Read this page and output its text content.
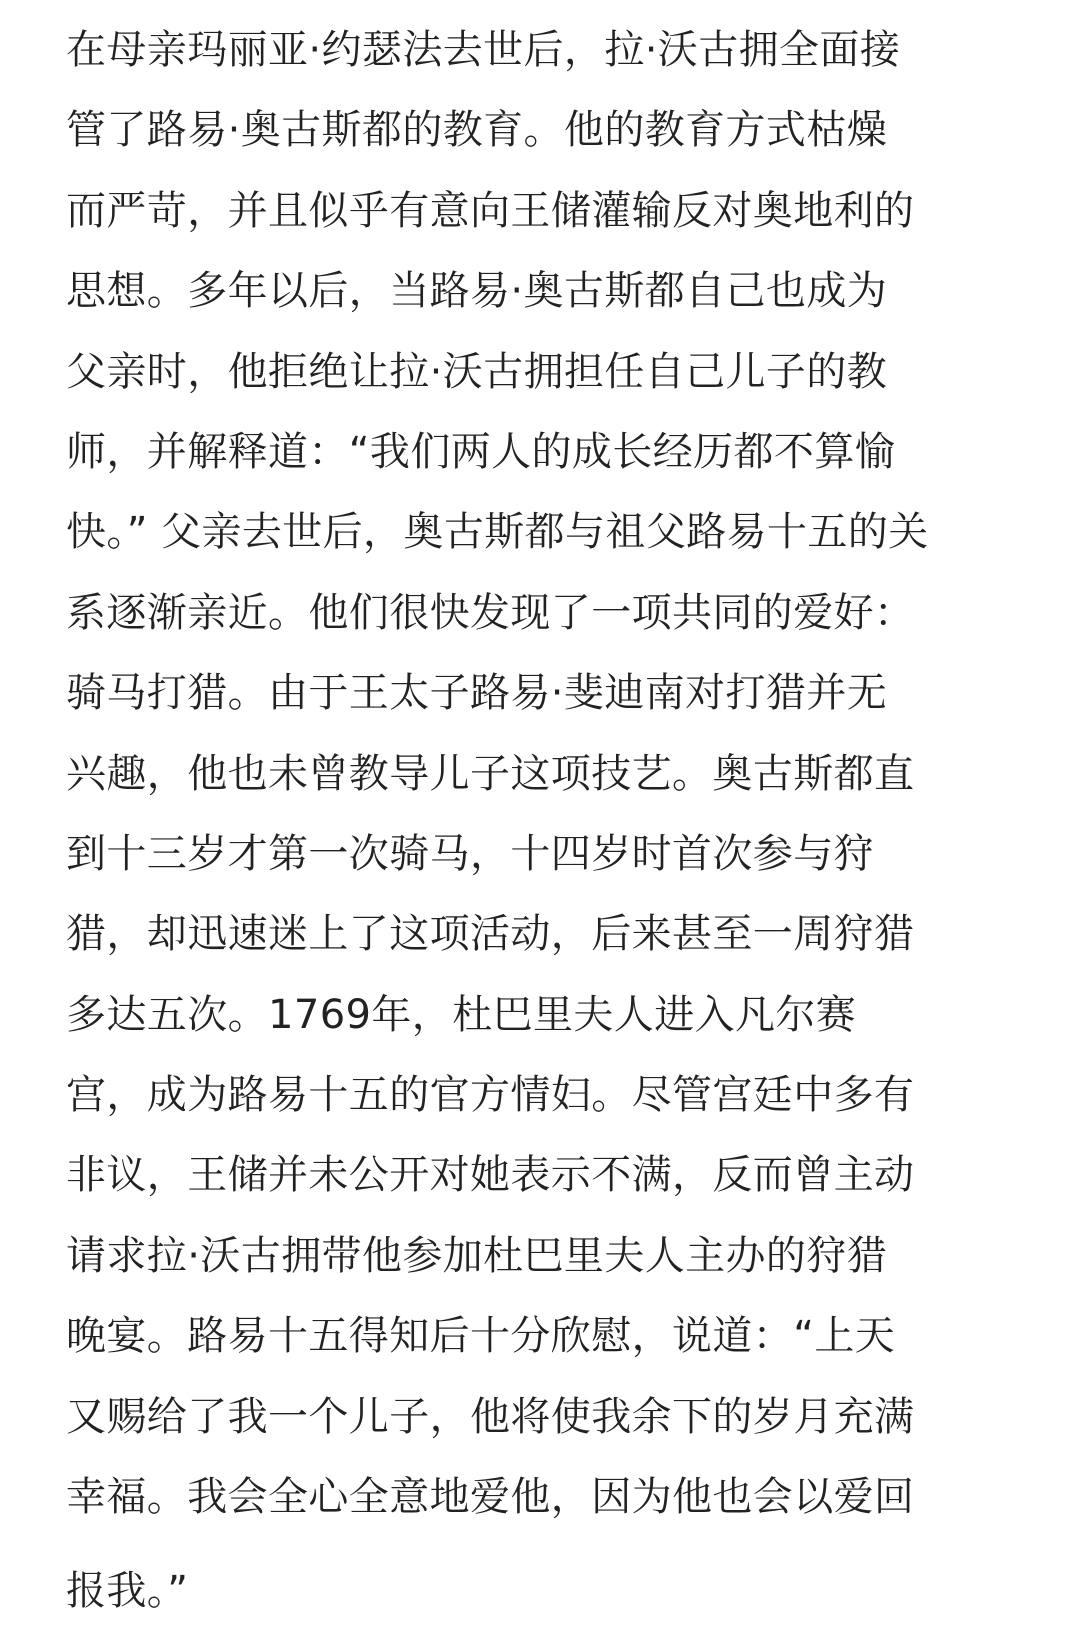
在母亲玛丽亚·约瑟法去世后，拉·沃古拥全面接
管了路易·奥古斯都的教育。他的教育方式枯燥
而严苛，并且似乎有意向王储灌输反对奥地利的
思想。多年以后，当路易·奥古斯都自己也成为
父亲时，他拒绝让拉·沃古拥担任自己儿子的教
师，并解释道：“我们两人的成长经历都不算愉
快。” 父亲去世后，奥古斯都与祖父路易十五的关
系逐渐亲近。他们很快发现了一项共同的爱好：
骑马打猎。由于王太子路易·斐迪南对打猎并无
兴趣，他也未曾教导儿子这项技艺。奥古斯都直
到十三岁才第一次骑马，十四岁时首次参与狩
猎，却迅速迷上了这项活动，后来甚至一周狩猎
多达五次。1769年，杜巴里夫人进入凡尔赛
宫，成为路易十五的官方情妇。尽管宫廷中多有
非议，王储并未公开对她表示不满，反而曾主动
请求拉·沃古拥带他参加杜巴里夫人主办的狩猎
晚宴。路易十五得知后十分欣慰，说道：“上天
又赐给了我一个儿子，他将使我余下的岁月充满
幸福。我会全心全意地爱他，因为他也会以爱回
报我。”
